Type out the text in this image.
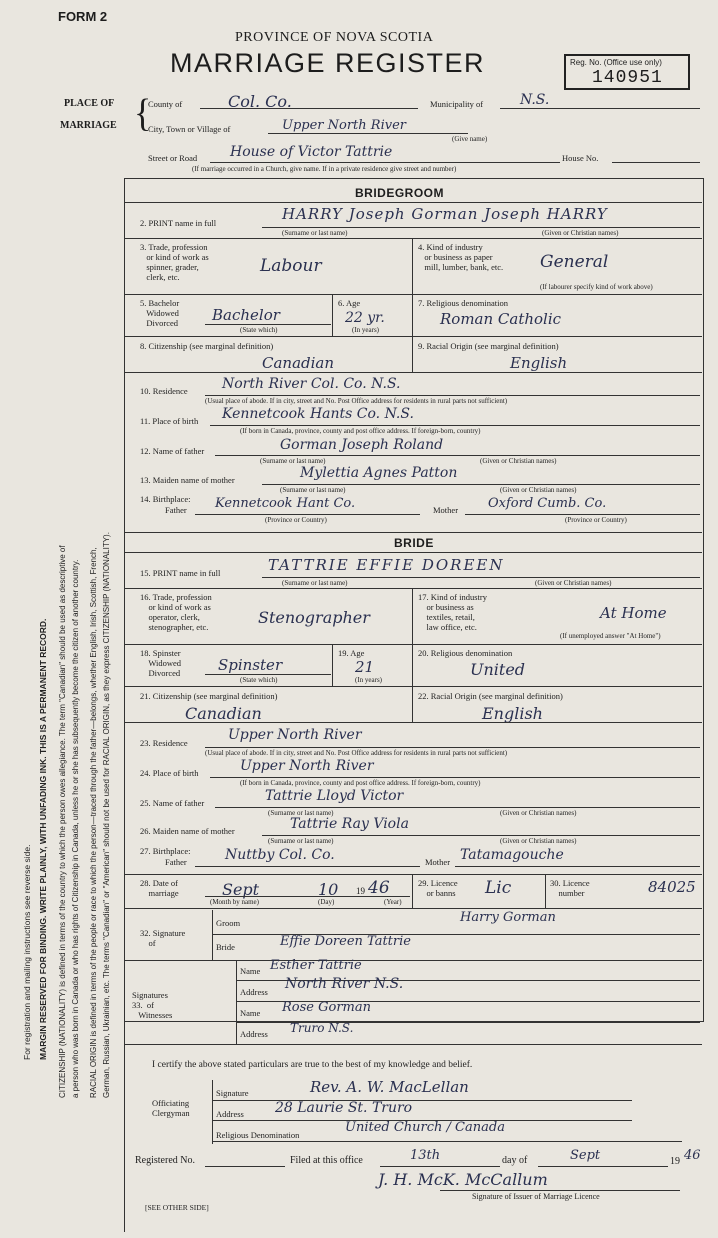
FORM 2
PROVINCE OF NOVA SCOTIA
MARRIAGE REGISTER	Reg. No. (Office use only)
140951
PLACE OF
MARRIAGE {
County of	Col. Co.	Municipality of	N.S.
City, Town or Village of	Upper North River
(Give name)
Street or Road House of Victor Tattrie	House No.
(If marriage occurred in a Church, give name. If in a private residence give street and number)
For registration and mailing instructions see reverse side. MARGIN RESERVED FOR BINDING. WRITE PLAINLY, WITH UNFADING INK. THIS IS A PERMANENT RECORD. CITIZENSHIP (NATIONALITY) is defined in terms of the country to which the person owes allegiance. The term "Canadian" should be used as descriptive of a person who was born in Canada or who has rights of Citizenship in Canada, unless he or she has subsequently become the citizen of another country. RACIAL ORIGIN is defined in terms of the people or race to which the person—traced through the father—belongs, whether English, Irish, Scottish, French, German, Russian, Ukrainian, etc. The terms "Canadian" or "American" should not be used for RACIAL ORIGIN, as they express CITIZENSHIP (NATIONALITY).
BRIDEGROOM
2. PRINT name in full	HARRY Joseph Gorman Joseph HARRY
(Surname or last name)	(Given or Christian names)
3. Trade, profession
or kind of work as
spinner, grader,
clerk, etc.
Labour
4. Kind of industry
or business as paper
mill, lumber, bank, etc. General
(If labourer specify kind of work above)
5. Bachelor
Widowed
Divorced Bachelor
(State which)
6. Age
22 yr.
(In years)
7. Religious denomination
Roman Catholic
8. Citizenship (see marginal definition)
Canadian
9. Racial Origin (see marginal definition)
English
10. Residence North River Col. Co. N.S.
(Usual place of abode. If in city, street and No. Post Office address for residents in rural parts not sufficient)
11. Place of birth Kennetcook Hants Co. N.S.
(If born in Canada, province, county and post office address. If foreign-born, country)
12. Name of father	Gorman Joseph Roland
(Surname or last name)	(Given or Christian names)
13. Maiden name of mother	Mylettia Agnes Patton
(Surname or last name)	(Given or Christian names)
14. Birthplace:
Father Kennetcook Hant Co.
(Province or Country)
Mother Oxford Cumb. Co.
(Province or Country)
BRIDE
15. PRINT name in full	TATTRIE EFFIE DOREEN
(Surname or last name)	(Given or Christian names)
16. Trade, profession
or kind of work as
operator, clerk,
stenographer, etc.	Stenographer
17. Kind of industry
or business as
textiles, retail,
law office, etc.
At Home
(If unemployed answer "At Home")
18. Spinster
Widowed
Divorced	Spinster
(State which)
19. Age
21
(In years)
20. Religious denomination
United
21. Citizenship (see marginal definition)
Canadian
22. Racial Origin (see marginal definition)
English
23. Residence	Upper North River
(Usual place of abode. If in city, street and No. Post Office address for residents in rural parts not sufficient)
24. Place of birth	Upper North River
(If born in Canada, province, county and post office address. If foreign-born, country)
25. Name of father	Tattrie Lloyd Victor
(Surname or last name)	(Given or Christian names)
26. Maiden name of mother	Tattrie Ray Viola
(Surname or last name)	(Given or Christian names)
27. Birthplace:
Father	Nuttby Col. Co.	Mother Tatamagouche
28. Date of
marriage	Sept	10 19 46
(Month by name)	(Day)	(Year)
29. Licence
or banns Lic	30. Licence
number	84025
32. Signature
of
Groom	Harry Gorman
Bride	Effie Doreen Tattrie
Signatures
33.  of
Witnesses
Name Esther Tattrie
Address North River N.S.
Name Rose Gorman
Address Truro N.S.
I certify the above stated particulars are true to the best of my knowledge and belief.
Officiating
Clergyman
Signature	Rev. A. W. MacLellan
Address 28 Laurie St. Truro
Religious Denomination	United Church / Canada
Registered No.	Filed at this office	13th	day of	Sept	19 46
J. H. McK. McCallum
Signature of Issuer of Marriage Licence
[SEE OTHER SIDE]
